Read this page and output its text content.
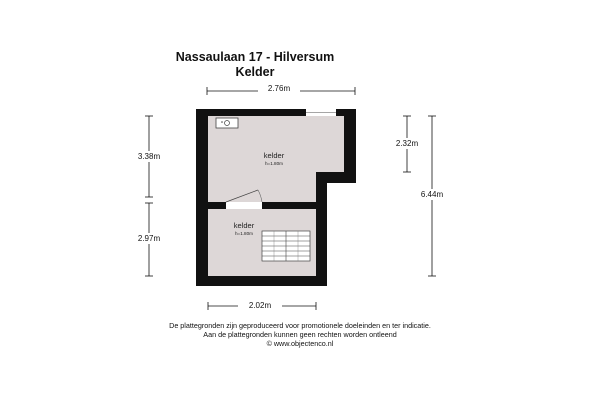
Nassaulaan 17 - Hilversum
Kelder
kelder
h=1.80m
kelder
h=1.80m
2.76m
3.38m
2.97m
2.32m
6.44m
2.02m
De plattegronden zijn geproduceerd voor promotionele doeleinden en ter indicatie.
Aan de plattegronden kunnen geen rechten worden ontleend
© www.objectenco.nl
